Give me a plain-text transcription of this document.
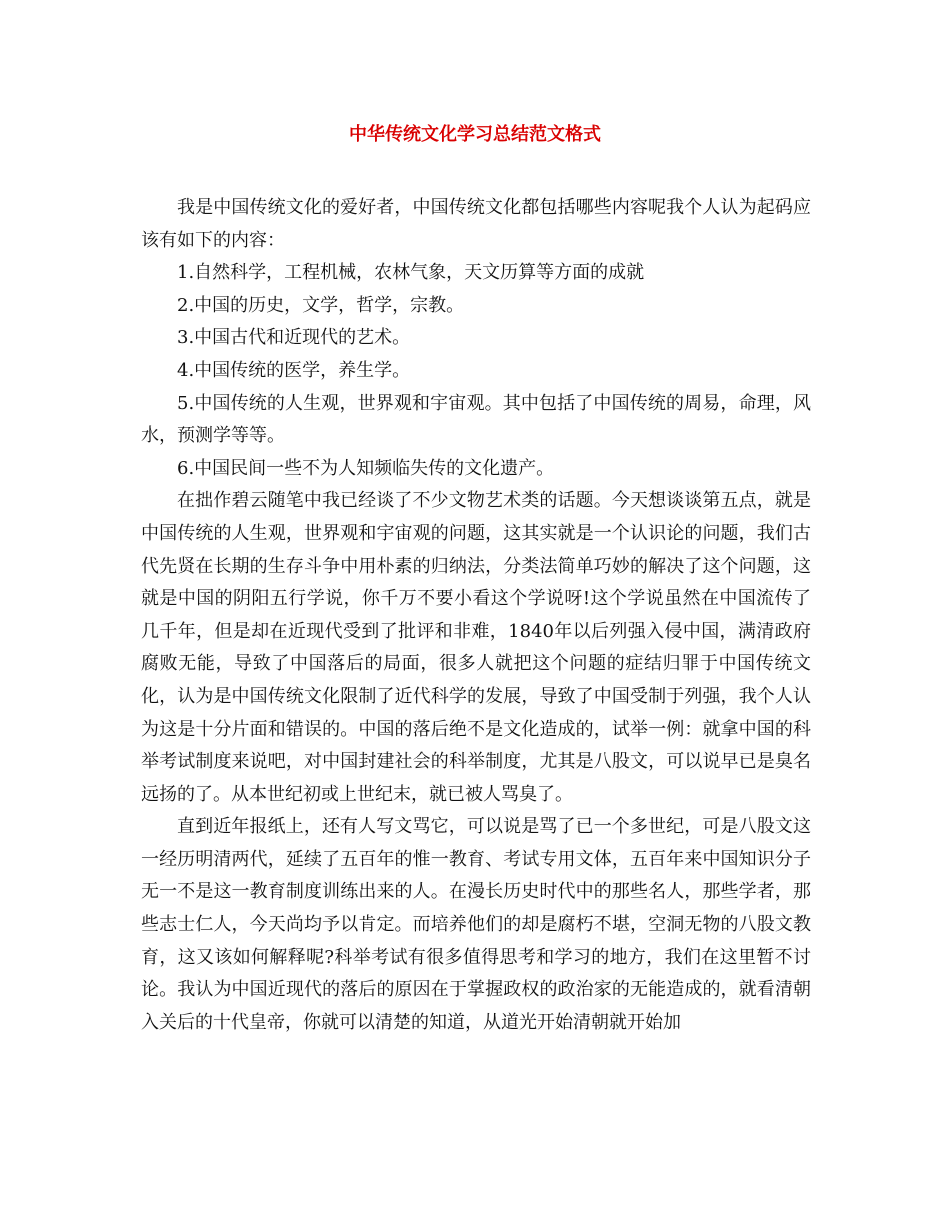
中华传统文化学习总结范文格式

我是中国传统文化的爱好者，中国传统文化都包括哪些内容呢我个人认为起码应该有如下的内容：

1.自然科学，工程机械，农林气象，天文历算等方面的成就

2.中国的历史，文学，哲学，宗教。

3.中国古代和近现代的艺术。

4.中国传统的医学，养生学。

5.中国传统的人生观，世界观和宇宙观。其中包括了中国传统的周易，命理，风水，预测学等等。

6.中国民间一些不为人知频临失传的文化遗产。

在拙作碧云随笔中我已经谈了不少文物艺术类的话题。今天想谈谈第五点，就是中国传统的人生观，世界观和宇宙观的问题，这其实就是一个认识论的问题，我们古代先贤在长期的生存斗争中用朴素的归纳法，分类法简单巧妙的解决了这个问题，这就是中国的阴阳五行学说，你千万不要小看这个学说呀!这个学说虽然在中国流传了几千年，但是却在近现代受到了批评和非难，1840年以后列强入侵中国，满清政府腐败无能，导致了中国落后的局面，很多人就把这个问题的症结归罪于中国传统文化，认为是中国传统文化限制了近代科学的发展，导致了中国受制于列强，我个人认为这是十分片面和错误的。中国的落后绝不是文化造成的，试举一例：就拿中国的科举考试制度来说吧，对中国封建社会的科举制度，尤其是八股文，可以说早已是臭名远扬的了。从本世纪初或上世纪末，就已被人骂臭了。

直到近年报纸上，还有人写文骂它，可以说是骂了已一个多世纪，可是八股文这一经历明清两代，延续了五百年的惟一教育、考试专用文体，五百年来中国知识分子无一不是这一教育制度训练出来的人。在漫长历史时代中的那些名人，那些学者，那些志士仁人，今天尚均予以肯定。而培养他们的却是腐朽不堪，空洞无物的八股文教育，这又该如何解释呢?科举考试有很多值得思考和学习的地方，我们在这里暂不讨论。我认为中国近现代的落后的原因在于掌握政权的政治家的无能造成的，就看清朝入关后的十代皇帝，你就可以清楚的知道，从道光开始清朝就开始加
